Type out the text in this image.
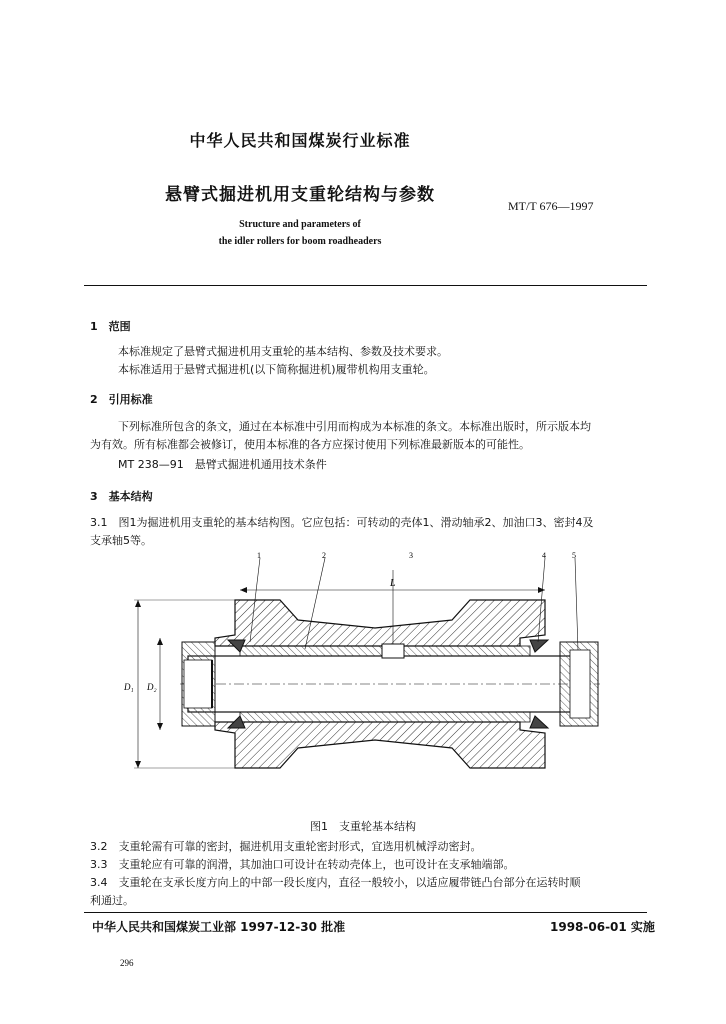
中华人民共和国煤炭行业标准
悬臂式掘进机用支重轮结构与参数
MT/T 676—1997
Structure and parameters of
the idler rollers for boom roadheaders
1　范围
本标准规定了悬臂式掘进机用支重轮的基本结构、参数及技术要求。
本标准适用于悬臂式掘进机(以下简称掘进机)履带机构用支重轮。
2　引用标准
下列标准所包含的条文，通过在本标准中引用而构成为本标准的条文。本标准出版时，所示版本均
为有效。所有标准都会被修订，使用本标准的各方应探讨使用下列标准最新版本的可能性。
MT 238—91　悬臂式掘进机通用技术条件
3　基本结构
3.1　图1为掘进机用支重轮的基本结构图。它应包括：可转动的壳体1、滑动轴承2、加油口3、密封4及
支承轴5等。
L
D₁ D₂
1	2	3	4	5
图1　支重轮基本结构
3.2　支重轮需有可靠的密封，掘进机用支重轮密封形式，宜选用机械浮动密封。
3.3　支重轮应有可靠的润滑，其加油口可设计在转动壳体上，也可设计在支承轴端部。
3.4　支重轮在支承长度方向上的中部一段长度内，直径一般较小，以适应履带链凸台部分在运转时顺
利通过。
中华人民共和国煤炭工业部 1997-12-30 批准	1998-06-01 实施
296
